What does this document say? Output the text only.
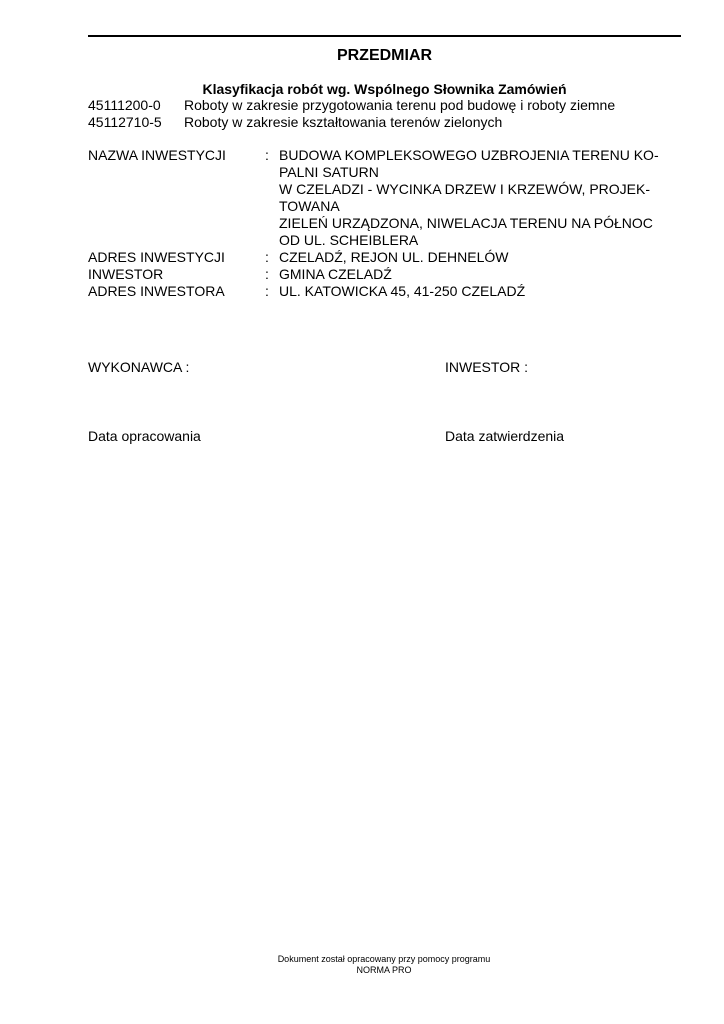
PRZEDMIAR
Klasyfikacja robót wg. Wspólnego Słownika Zamówień
45111200-0	Roboty w zakresie przygotowania terenu pod budowę i roboty ziemne
45112710-5	Roboty w zakresie kształtowania terenów zielonych
NAZWA INWESTYCJI	: BUDOWA KOMPLEKSOWEGO UZBROJENIA TERENU KO-
PALNI SATURN
W CZELADZI - WYCINKA DRZEW I KRZEWÓW, PROJEK-
TOWANA
ZIELEŃ URZĄDZONA, NIWELACJA TERENU NA PÓŁNOC
OD UL. SCHEIBLERA
ADRES INWESTYCJI	: CZELADŹ, REJON UL. DEHNELÓW
INWESTOR	: GMINA CZELADŹ
ADRES INWESTORA	: UL. KATOWICKA 45, 41-250 CZELADŹ
WYKONAWCA :	INWESTOR :
Data opracowania	Data zatwierdzenia
Dokument został opracowany przy pomocy programu
NORMA PRO
